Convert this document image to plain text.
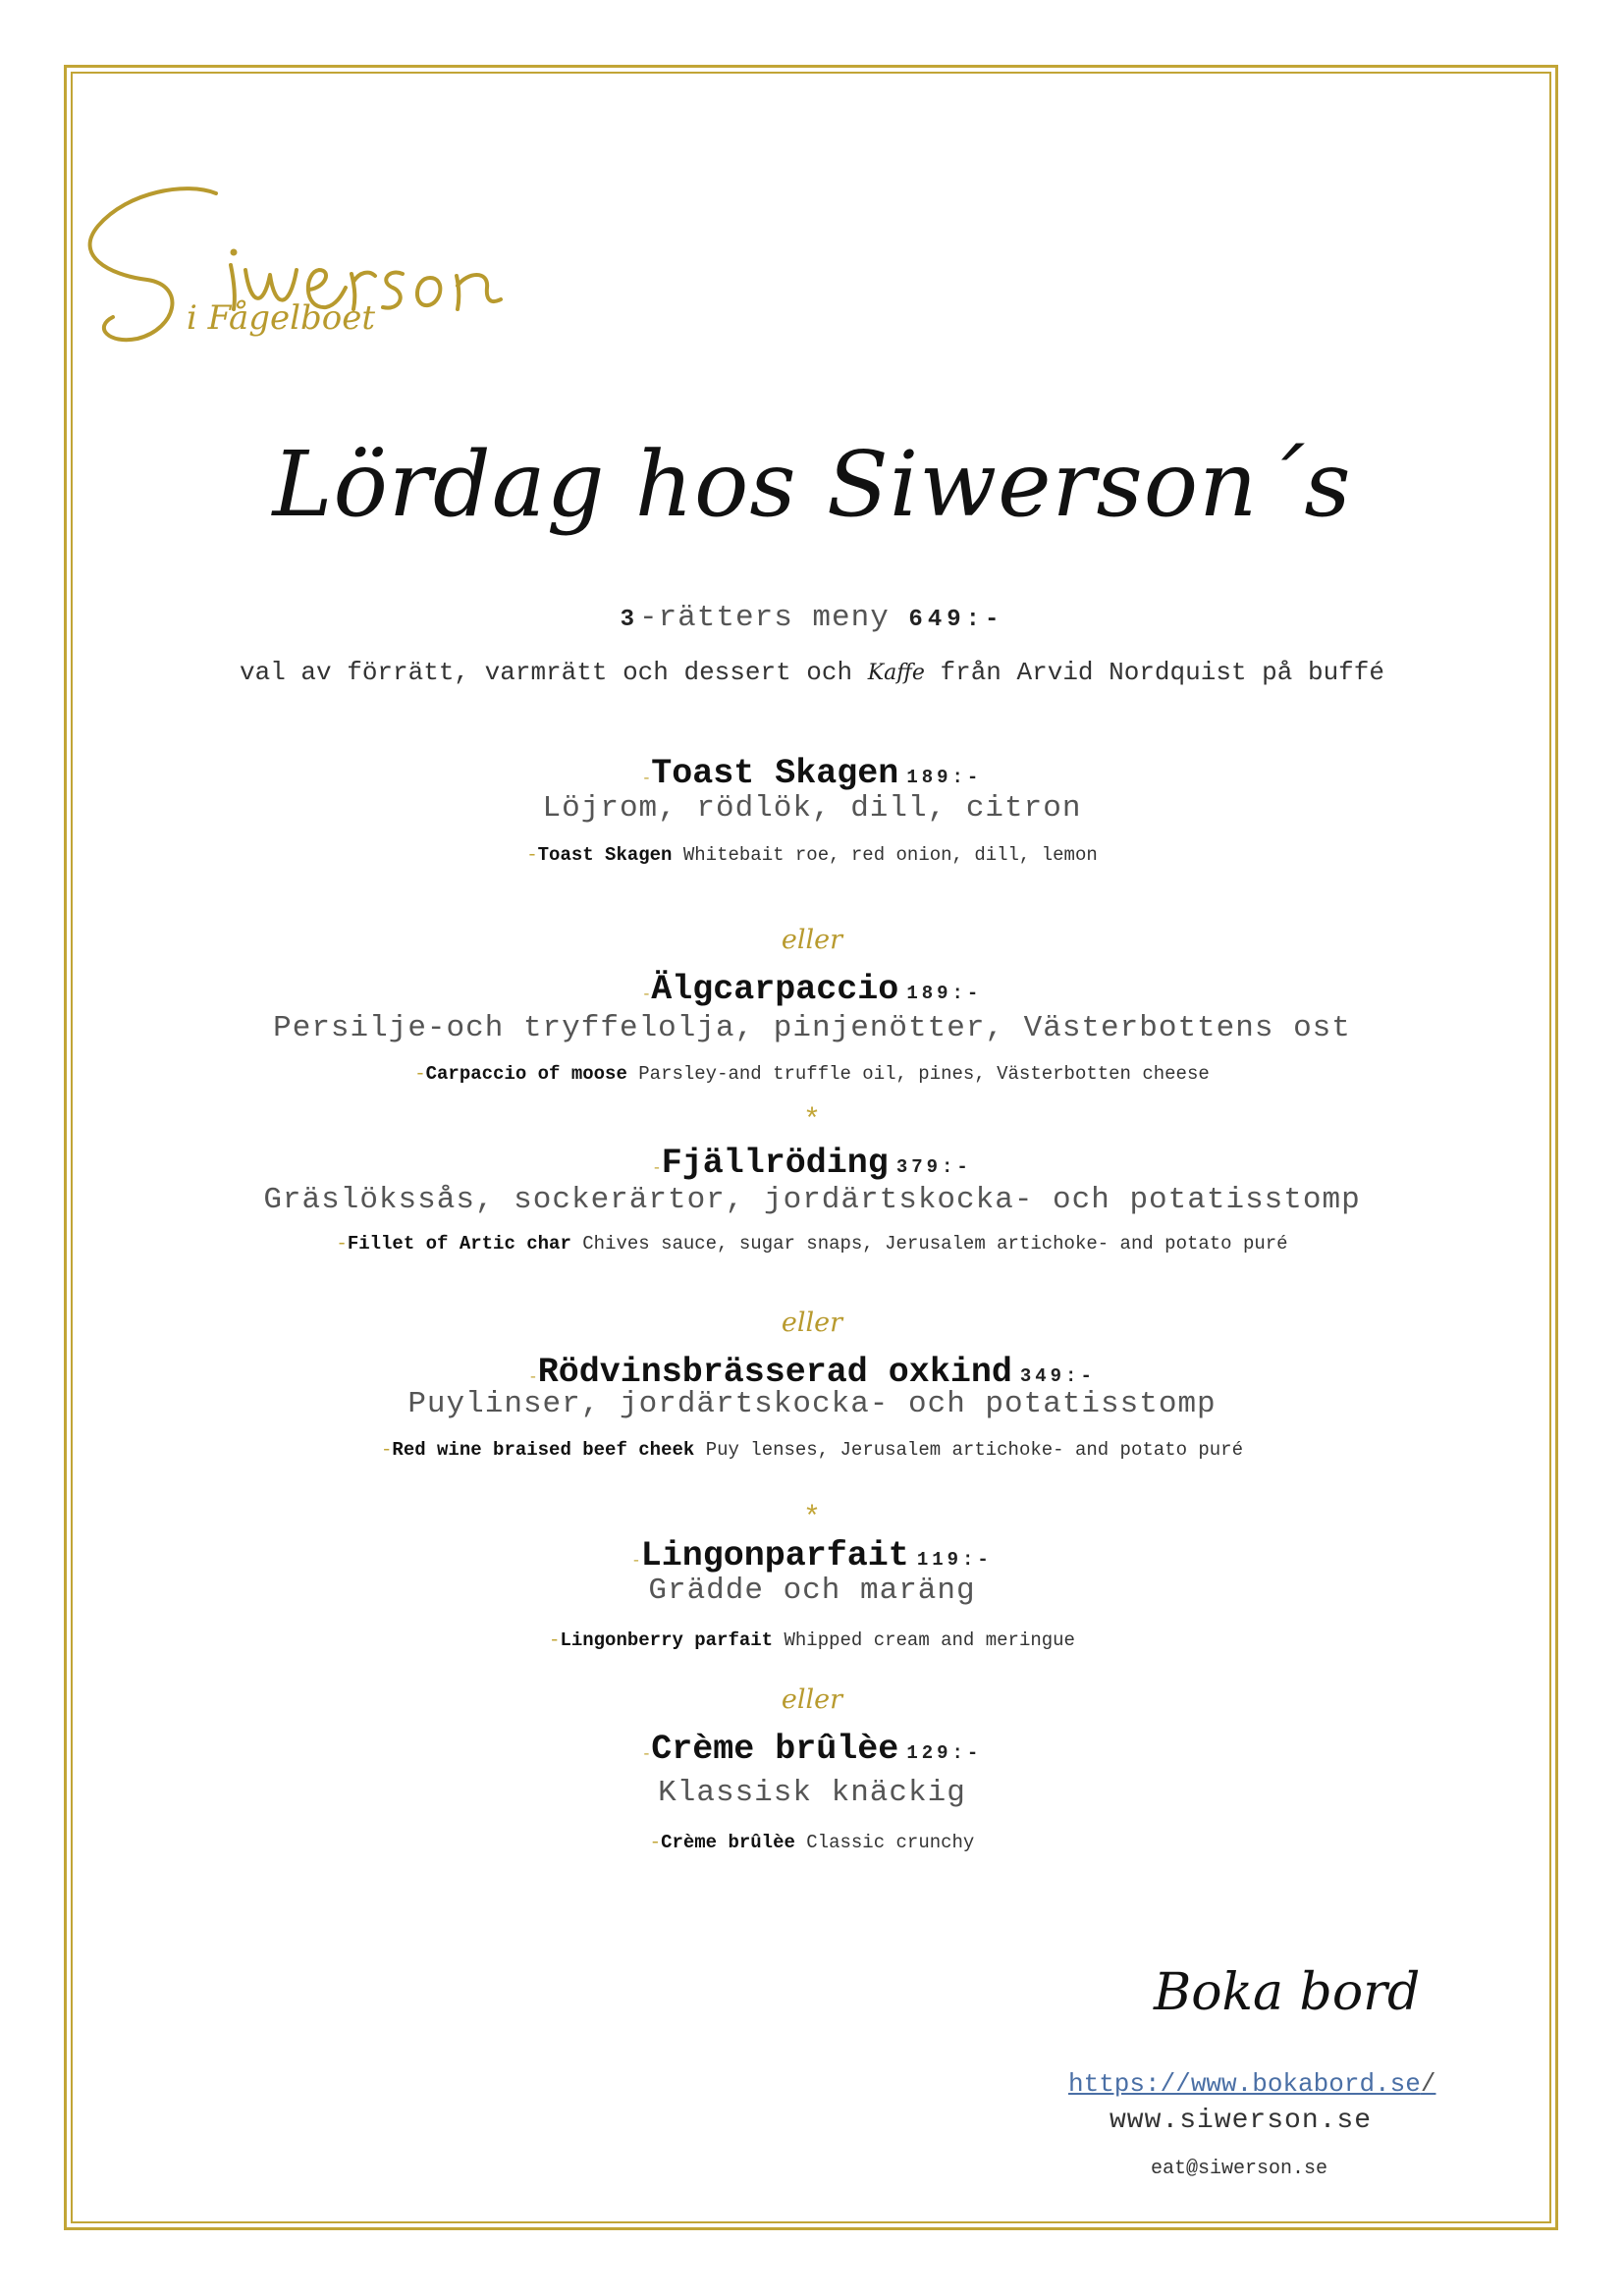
i Fågelboet
Lördag hos Siwerson´s
3-rätters meny 649:-
val av förrätt, varmrätt och dessert och Kaffe från Arvid Nordquist på buffé
-Toast Skagen 189:-
Löjrom, rödlök, dill, citron
-Toast Skagen Whitebait roe, red onion, dill, lemon
eller
-Älgcarpaccio 189:-
Persilje-och tryffelolja, pinjenötter, Västerbottens ost
-Carpaccio of moose Parsley-and truffle oil, pines, Västerbotten cheese
*
-Fjällröding 379:-
Gräslökssås, sockerärtor, jordärtskocka- och potatisstomp
-Fillet of Artic char Chives sauce, sugar snaps, Jerusalem artichoke- and potato puré
eller
-Rödvinsbrässerad oxkind 349:-
Puylinser, jordärtskocka- och potatisstomp
-Red wine braised beef cheek Puy lenses, Jerusalem artichoke- and potato puré
*
-Lingonparfait 119:-
Grädde och maräng
-Lingonberry parfait Whipped cream and meringue
eller
-Crème brûlèe 129:-
Klassisk knäckig
-Crème brûlèe Classic crunchy
Boka bord
https://www.bokabord.se/
www.siwerson.se
eat@siwerson.se
